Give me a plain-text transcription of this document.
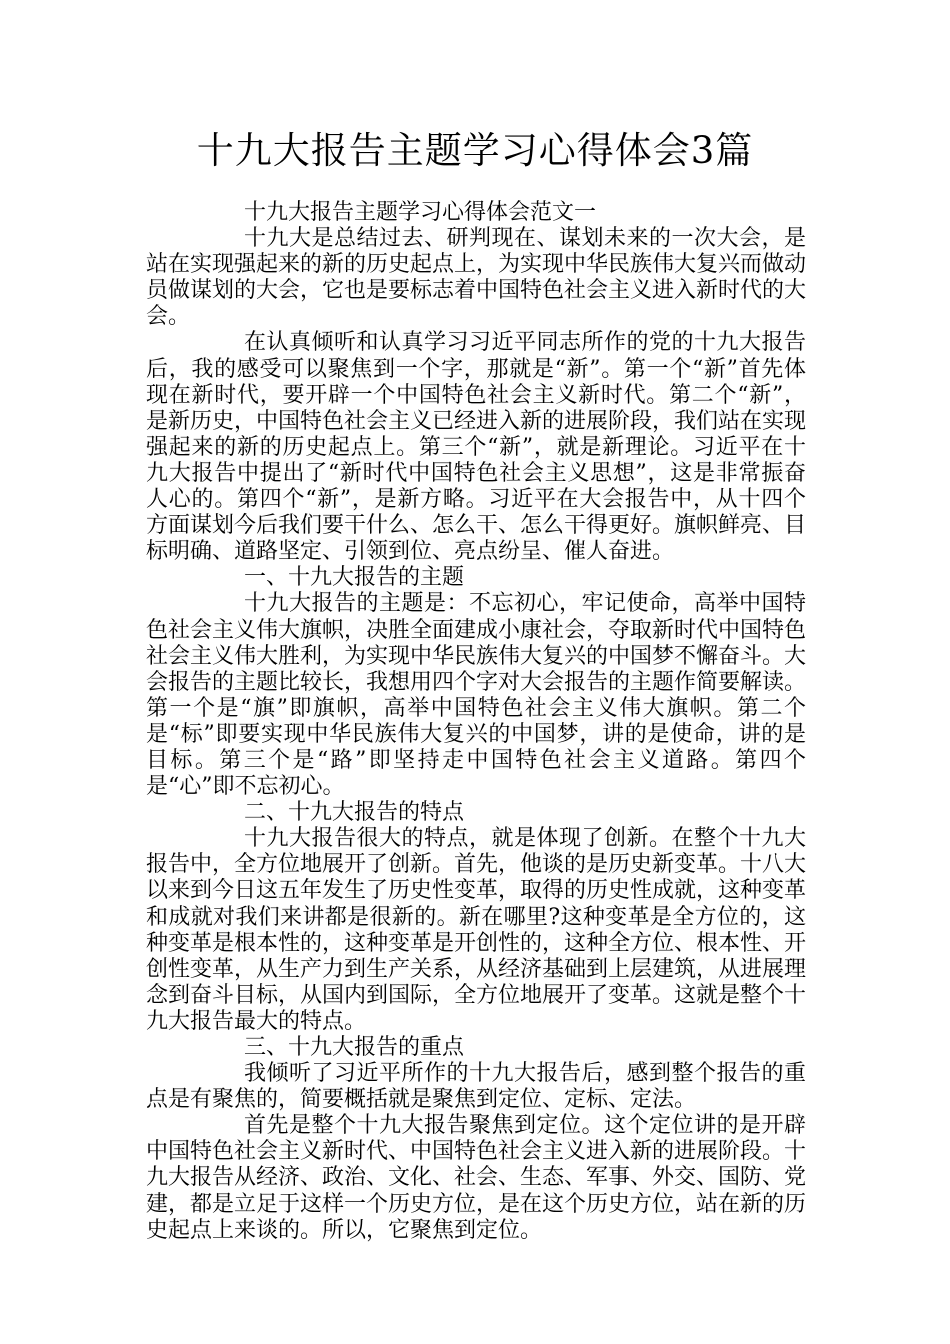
十九大报告主题学习心得体会3篇

十九大报告主题学习心得体会范文一

十九大是总结过去、研判现在、谋划未来的一次大会，是站在实现强起来的新的历史起点上，为实现中华民族伟大复兴而做动员做谋划的大会，它也是要标志着中国特色社会主义进入新时代的大会。

在认真倾听和认真学习习近平同志所作的党的十九大报告后，我的感受可以聚焦到一个字，那就是“新”。第一个“新”首先体现在新时代，要开辟一个中国特色社会主义新时代。第二个“新”，是新历史，中国特色社会主义已经进入新的进展阶段，我们站在实现强起来的新的历史起点上。第三个“新”，就是新理论。习近平在十九大报告中提出了“新时代中国特色社会主义思想”，这是非常振奋人心的。第四个“新”，是新方略。习近平在大会报告中，从十四个方面谋划今后我们要干什么、怎么干、怎么干得更好。旗帜鲜亮、目标明确、道路坚定、引领到位、亮点纷呈、催人奋进。

一、十九大报告的主题

十九大报告的主题是：不忘初心，牢记使命，高举中国特色社会主义伟大旗帜，决胜全面建成小康社会，夺取新时代中国特色社会主义伟大胜利，为实现中华民族伟大复兴的中国梦不懈奋斗。大会报告的主题比较长，我想用四个字对大会报告的主题作简要解读。第一个是“旗”即旗帜，高举中国特色社会主义伟大旗帜。第二个是“标”即要实现中华民族伟大复兴的中国梦，讲的是使命，讲的是目标。第三个是“路”即坚持走中国特色社会主义道路。第四个是“心”即不忘初心。

二、十九大报告的特点

十九大报告很大的特点，就是体现了创新。在整个十九大报告中，全方位地展开了创新。首先，他谈的是历史新变革。十八大以来到今日这五年发生了历史性变革，取得的历史性成就，这种变革和成就对我们来讲都是很新的。新在哪里?这种变革是全方位的，这种变革是根本性的，这种变革是开创性的，这种全方位、根本性、开创性变革，从生产力到生产关系，从经济基础到上层建筑，从进展理念到奋斗目标，从国内到国际，全方位地展开了变革。这就是整个十九大报告最大的特点。

三、十九大报告的重点

我倾听了习近平所作的十九大报告后，感到整个报告的重点是有聚焦的，简要概括就是聚焦到定位、定标、定法。

首先是整个十九大报告聚焦到定位。这个定位讲的是开辟中国特色社会主义新时代、中国特色社会主义进入新的进展阶段。十九大报告从经济、政治、文化、社会、生态、军事、外交、国防、党建，都是立足于这样一个历史方位，是在这个历史方位，站在新的历史起点上来谈的。所以，它聚焦到定位。
